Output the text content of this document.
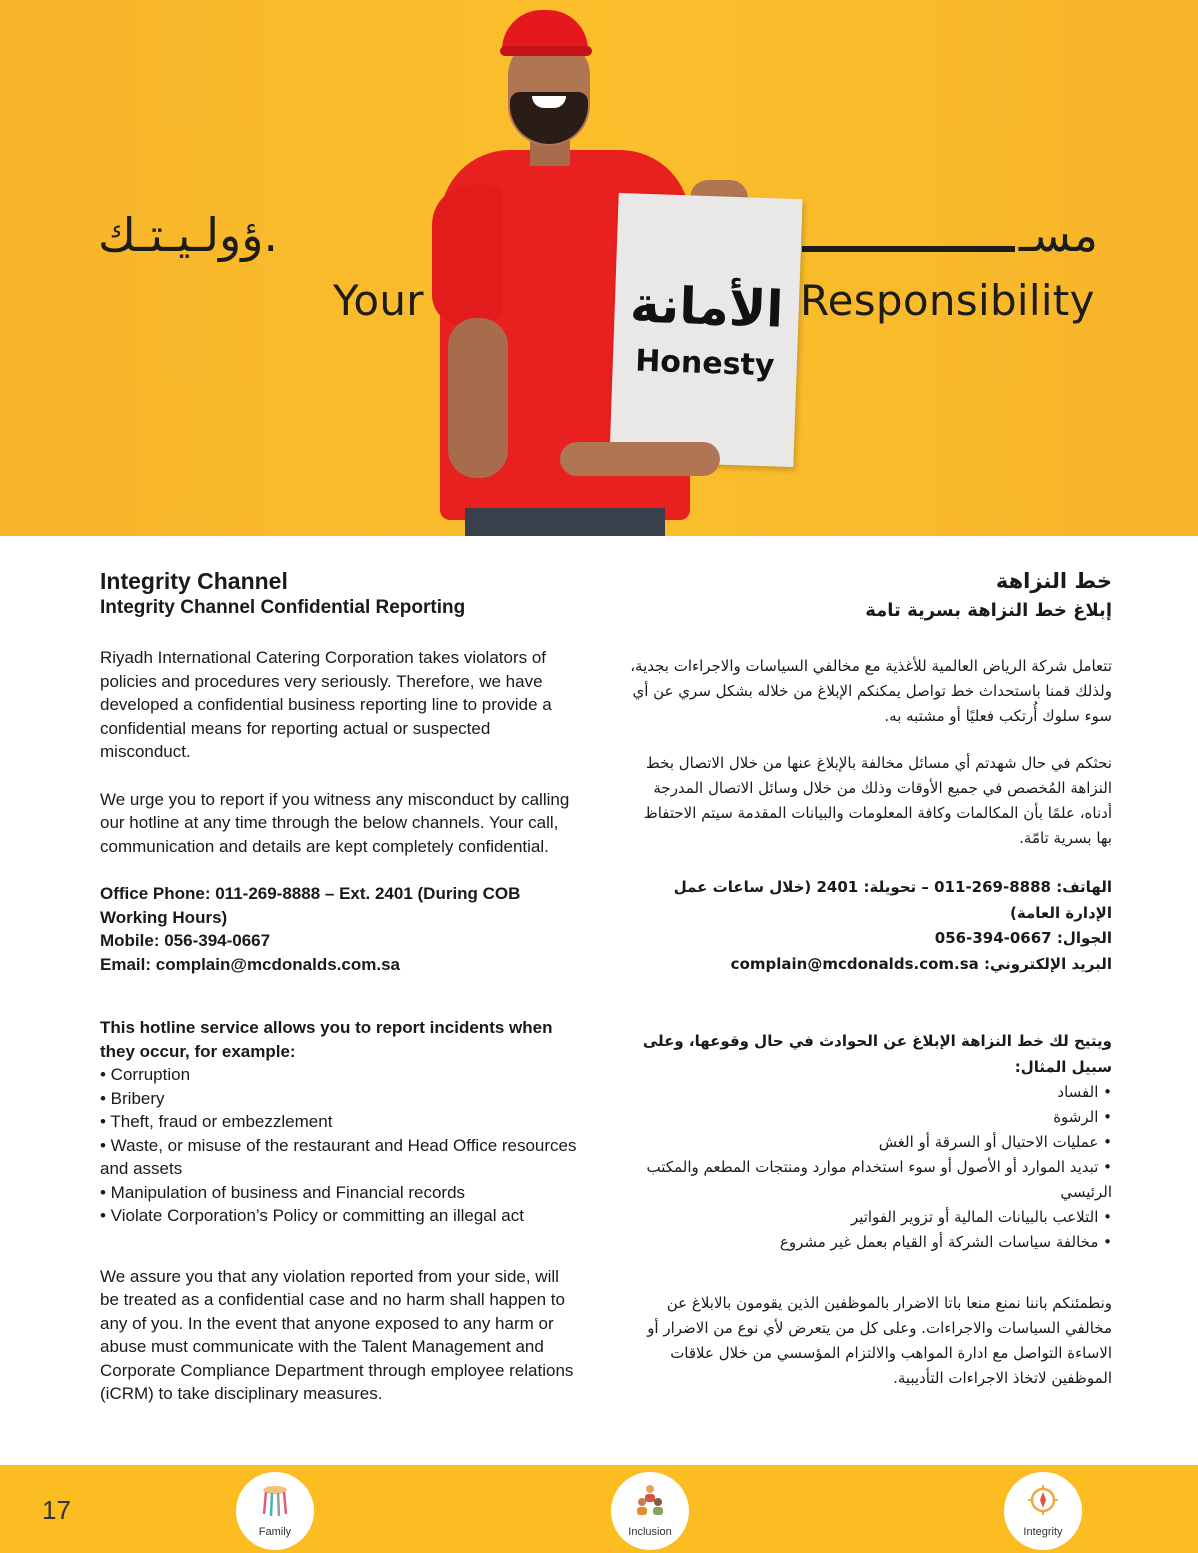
ؤولـيـتـك.	مسـ
Your	Responsibility
الأمانة
Honesty
Integrity Channel
Integrity Channel Confidential Reporting

Riyadh International Catering Corporation takes violators of policies and procedures very seriously. Therefore, we have developed a confidential business reporting line to provide a confidential means for reporting actual or suspected misconduct.

We urge you to report if you witness any misconduct by calling our hotline at any time through the below channels. Your call, communication and details are kept completely confidential.

Office Phone: 011-269-8888 – Ext. 2401 (During COB Working Hours)

Mobile: 056-394-0667

Email: complain@mcdonalds.com.sa

This hotline service allows you to report incidents when they occur, for example:

• Corruption
• Bribery
• Theft, fraud or embezzlement
• Waste, or misuse of the restaurant and Head Office resources and assets
• Manipulation of business and Financial records
• Violate Corporation’s Policy or committing an illegal act

We assure you that any violation reported from your side, will be treated as a confidential case and no harm shall happen to any of you. In the event that anyone exposed to any harm or abuse must communicate with the Talent Management and Corporate Compliance Department through employee relations (iCRM) to take disciplinary measures.

خط النزاهة
إبلاغ خط النزاهة بسرية تامة

تتعامل شركة الرياض العالمية للأغذية مع مخالفي السياسات والاجراءات بجدية، ولذلك قمنا باستحداث خط تواصل يمكنكم الإبلاغ من خلاله بشكل سري عن أي سوء سلوك أُرتكب فعليًا أو مشتبه به.

نحثكم في حال شهدتم أي مسائل مخالفة بالإبلاغ عنها من خلال الاتصال بخط النزاهة المُخصص في جميع الأوقات وذلك من خلال وسائل الاتصال المدرجة أدناه، علمًا بأن المكالمات وكافة المعلومات والبيانات المقدمة سيتم الاحتفاظ بها بسرية تامّة.

الهاتف: 8888-269-011 – تحويلة: 2401 (خلال ساعات عمل الإدارة العامة)

الجوال: 0667-394-056

البريد الإلكتروني: complain@mcdonalds.com.sa

ويتيح لك خط النزاهة الإبلاغ عن الحوادث في حال وقوعها، وعلى سبيل المثال:

• الفساد
• الرشوة
• عمليات الاحتيال أو السرقة أو الغش
• تبديد الموارد أو الأصول أو سوء استخدام موارد ومنتجات المطعم والمكتب الرئيسي
• التلاعب بالبيانات المالية أو تزوير الفواتير
• مخالفة سياسات الشركة أو القيام بعمل غير مشروع

ونطمئنكم باننا نمنع منعا باتا الاضرار بالموظفين الذين يقومون بالابلاغ عن مخالفي السياسات والاجراءات. وعلى كل من يتعرض لأي نوع من الاضرار أو الاساءة التواصل مع ادارة المواهب والالتزام المؤسسي من خلال علاقات الموظفين لاتخاذ الاجراءات التأديبية.

17
Family	Inclusion	Integrity
